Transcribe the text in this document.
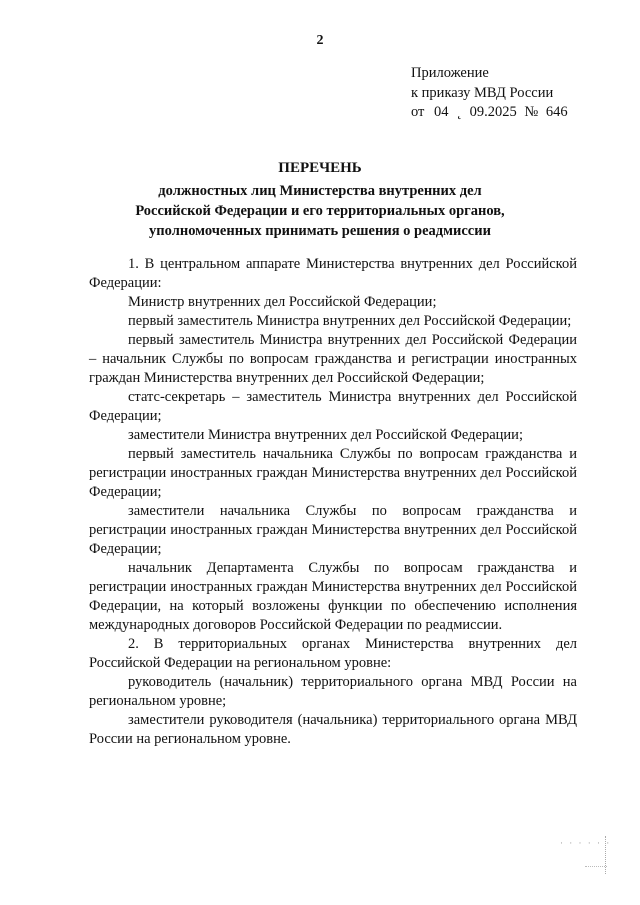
2
Приложение
к приказу МВД России
от 04 ˛ 09.2025 № 646
ПЕРЕЧЕНЬ
должностных лиц Министерства внутренних дел
Российской Федерации и его территориальных органов,
уполномоченных принимать решения о реадмиссии

1. В центральном аппарате Министерства внутренних дел Российской Федерации:

Министр внутренних дел Российской Федерации;

первый заместитель Министра внутренних дел Российской Федерации;

первый заместитель Министра внутренних дел Российской Федерации – начальник Службы по вопросам гражданства и регистрации иностранных граждан Министерства внутренних дел Российской Федерации;

статс-секретарь – заместитель Министра внутренних дел Российской Федерации;

заместители Министра внутренних дел Российской Федерации;

первый заместитель начальника Службы по вопросам гражданства и регистрации иностранных граждан Министерства внутренних дел Российской Федерации;

заместители начальника Службы по вопросам гражданства и регистрации иностранных граждан Министерства внутренних дел Российской Федерации;

начальник Департамента Службы по вопросам гражданства и регистрации иностранных граждан Министерства внутренних дел Российской Федерации, на который возложены функции по обеспечению исполнения международных договоров Российской Федерации по реадмиссии.

2. В территориальных органах Министерства внутренних дел Российской Федерации на региональном уровне:

руководитель (начальник) территориального органа МВД России на региональном уровне;

заместители руководителя (начальника) территориального органа МВД России на региональном уровне.

· · · · · ·
